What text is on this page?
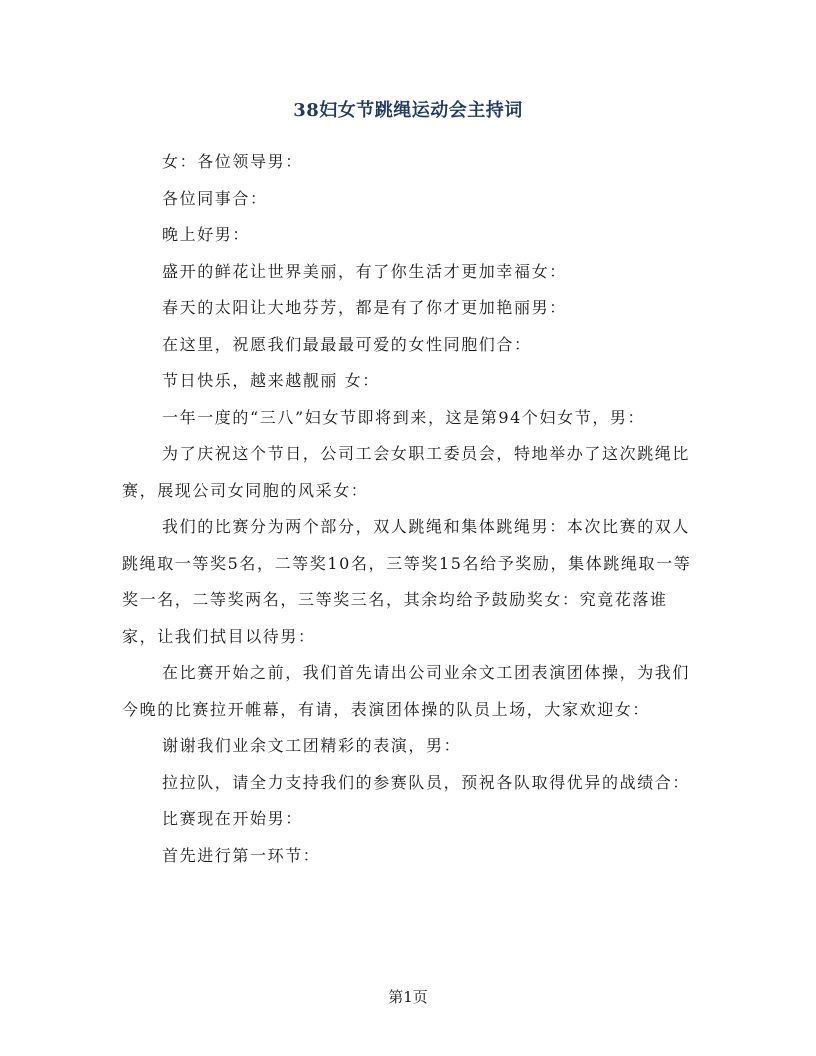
38妇女节跳绳运动会主持词

女：各位领导男：

各位同事合：

晚上好男：

盛开的鲜花让世界美丽，有了你生活才更加幸福女：

春天的太阳让大地芬芳，都是有了你才更加艳丽男：

在这里，祝愿我们最最最可爱的女性同胞们合：

节日快乐，越来越靓丽 女：

一年一度的“三八”妇女节即将到来，这是第94个妇女节，男：

为了庆祝这个节日，公司工会女职工委员会，特地举办了这次跳绳比赛，展现公司女同胞的风采女：

我们的比赛分为两个部分，双人跳绳和集体跳绳男：本次比赛的双人跳绳取一等奖5名，二等奖10名，三等奖15名给予奖励，集体跳绳取一等奖一名，二等奖两名，三等奖三名，其余均给予鼓励奖女：究竟花落谁家，让我们拭目以待男：

在比赛开始之前，我们首先请出公司业余文工团表演团体操，为我们今晚的比赛拉开帷幕，有请，表演团体操的队员上场，大家欢迎女：

谢谢我们业余文工团精彩的表演，男：

拉拉队，请全力支持我们的参赛队员，预祝各队取得优异的战绩合：

比赛现在开始男：

首先进行第一环节：

第1页
